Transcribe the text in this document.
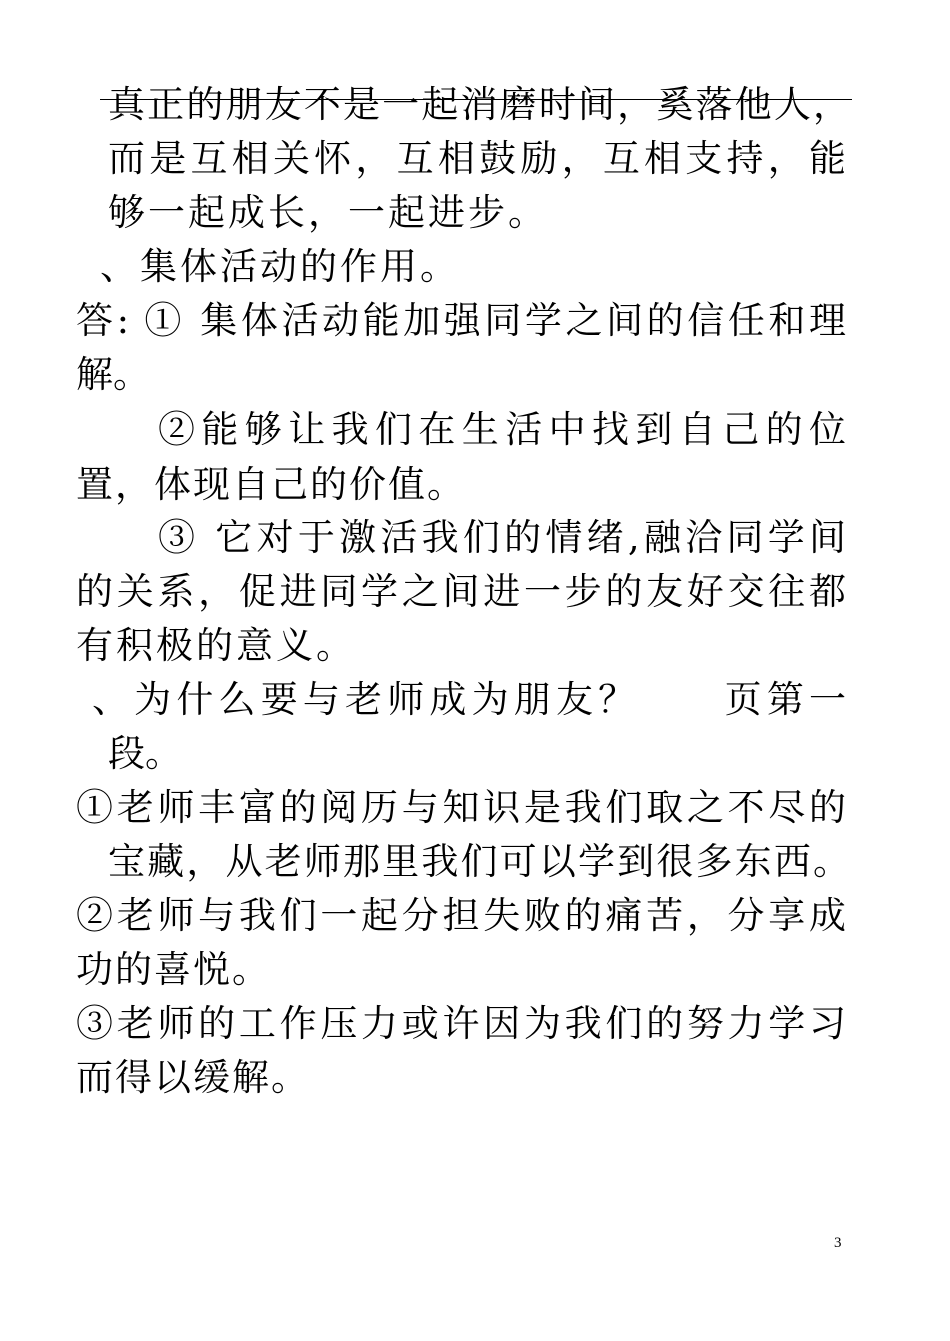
真正的朋友不是一起消磨时间，奚落他人，
而是互相关怀，互相鼓励，互相支持，能
够一起成长，一起进步。
、集体活动的作用。
答: ① 集体活动能加强同学之间的信任和理
解。
②能够让我们在生活中找到自己的位
置，体现自己的价值。
③ 它对于激活我们的情绪,融洽同学间
的关系，促进同学之间进一步的友好交往都
有积极的意义。
、为什么要与老师成为朋友？　　页第一
段。
①老师丰富的阅历与知识是我们取之不尽的
宝藏，从老师那里我们可以学到很多东西。
②老师与我们一起分担失败的痛苦，分享成
功的喜悦。
③老师的工作压力或许因为我们的努力学习
而得以缓解。
3
